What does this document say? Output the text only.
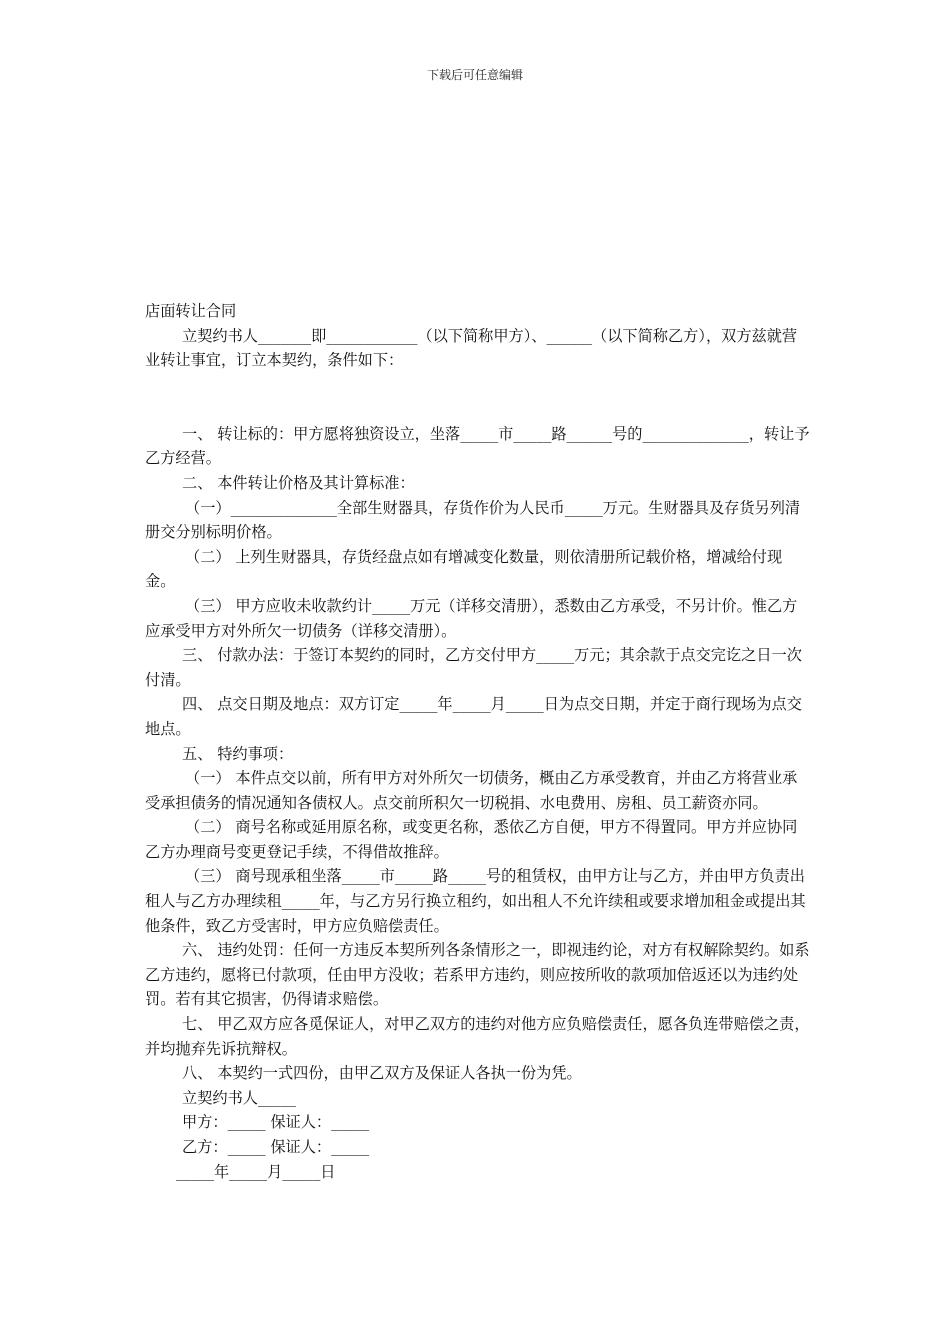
下载后可任意编辑

店面转让合同

立契约书人_______即____________（以下简称甲方）、______（以下简称乙方），双方兹就营业转让事宜，订立本契约，条件如下：

一、 转让标的：甲方愿将独资设立，坐落_____市_____路______号的______________，转让予乙方经营。

二、 本件转让价格及其计算标准：

（一）______________全部生财器具，存货作价为人民币_____万元。生财器具及存货另列清册交分别标明价格。

（二） 上列生财器具，存货经盘点如有增减变化数量，则依清册所记载价格，增减给付现金。

（三） 甲方应收未收款约计_____万元（详移交清册），悉数由乙方承受，不另计价。惟乙方应承受甲方对外所欠一切债务（详移交清册）。

三、 付款办法：于签订本契约的同时，乙方交付甲方_____万元；其余款于点交完讫之日一次付清。

四、 点交日期及地点：双方订定_____年_____月_____日为点交日期，并定于商行现场为点交地点。

五、 特约事项：

（一） 本件点交以前，所有甲方对外所欠一切债务，概由乙方承受教育，并由乙方将营业承受承担债务的情况通知各债权人。点交前所积欠一切税捐、水电费用、房租、员工薪资亦同。

（二） 商号名称或延用原名称，或变更名称，悉依乙方自便，甲方不得置同。甲方并应协同乙方办理商号变更登记手续，不得借故推辞。

（三） 商号现承租坐落_____市_____路_____号的租赁权，由甲方让与乙方，并由甲方负责出租人与乙方办理续租_____年，与乙方另行换立租约，如出租人不允许续租或要求增加租金或提出其他条件，致乙方受害时，甲方应负赔偿责任。

六、 违约处罚：任何一方违反本契所列各条情形之一，即视违约论，对方有权解除契约。如系乙方违约，愿将已付款项，任由甲方没收；若系甲方违约，则应按所收的款项加倍返还以为违约处罚。若有其它损害，仍得请求赔偿。

七、 甲乙双方应各觅保证人，对甲乙双方的违约对他方应负赔偿责任，愿各负连带赔偿之责，并均抛弃先诉抗辩权。

八、 本契约一式四份，由甲乙双方及保证人各执一份为凭。

立契约书人_____

甲方：_____ 保证人：_____

乙方：_____ 保证人：_____

_____年_____月_____日
